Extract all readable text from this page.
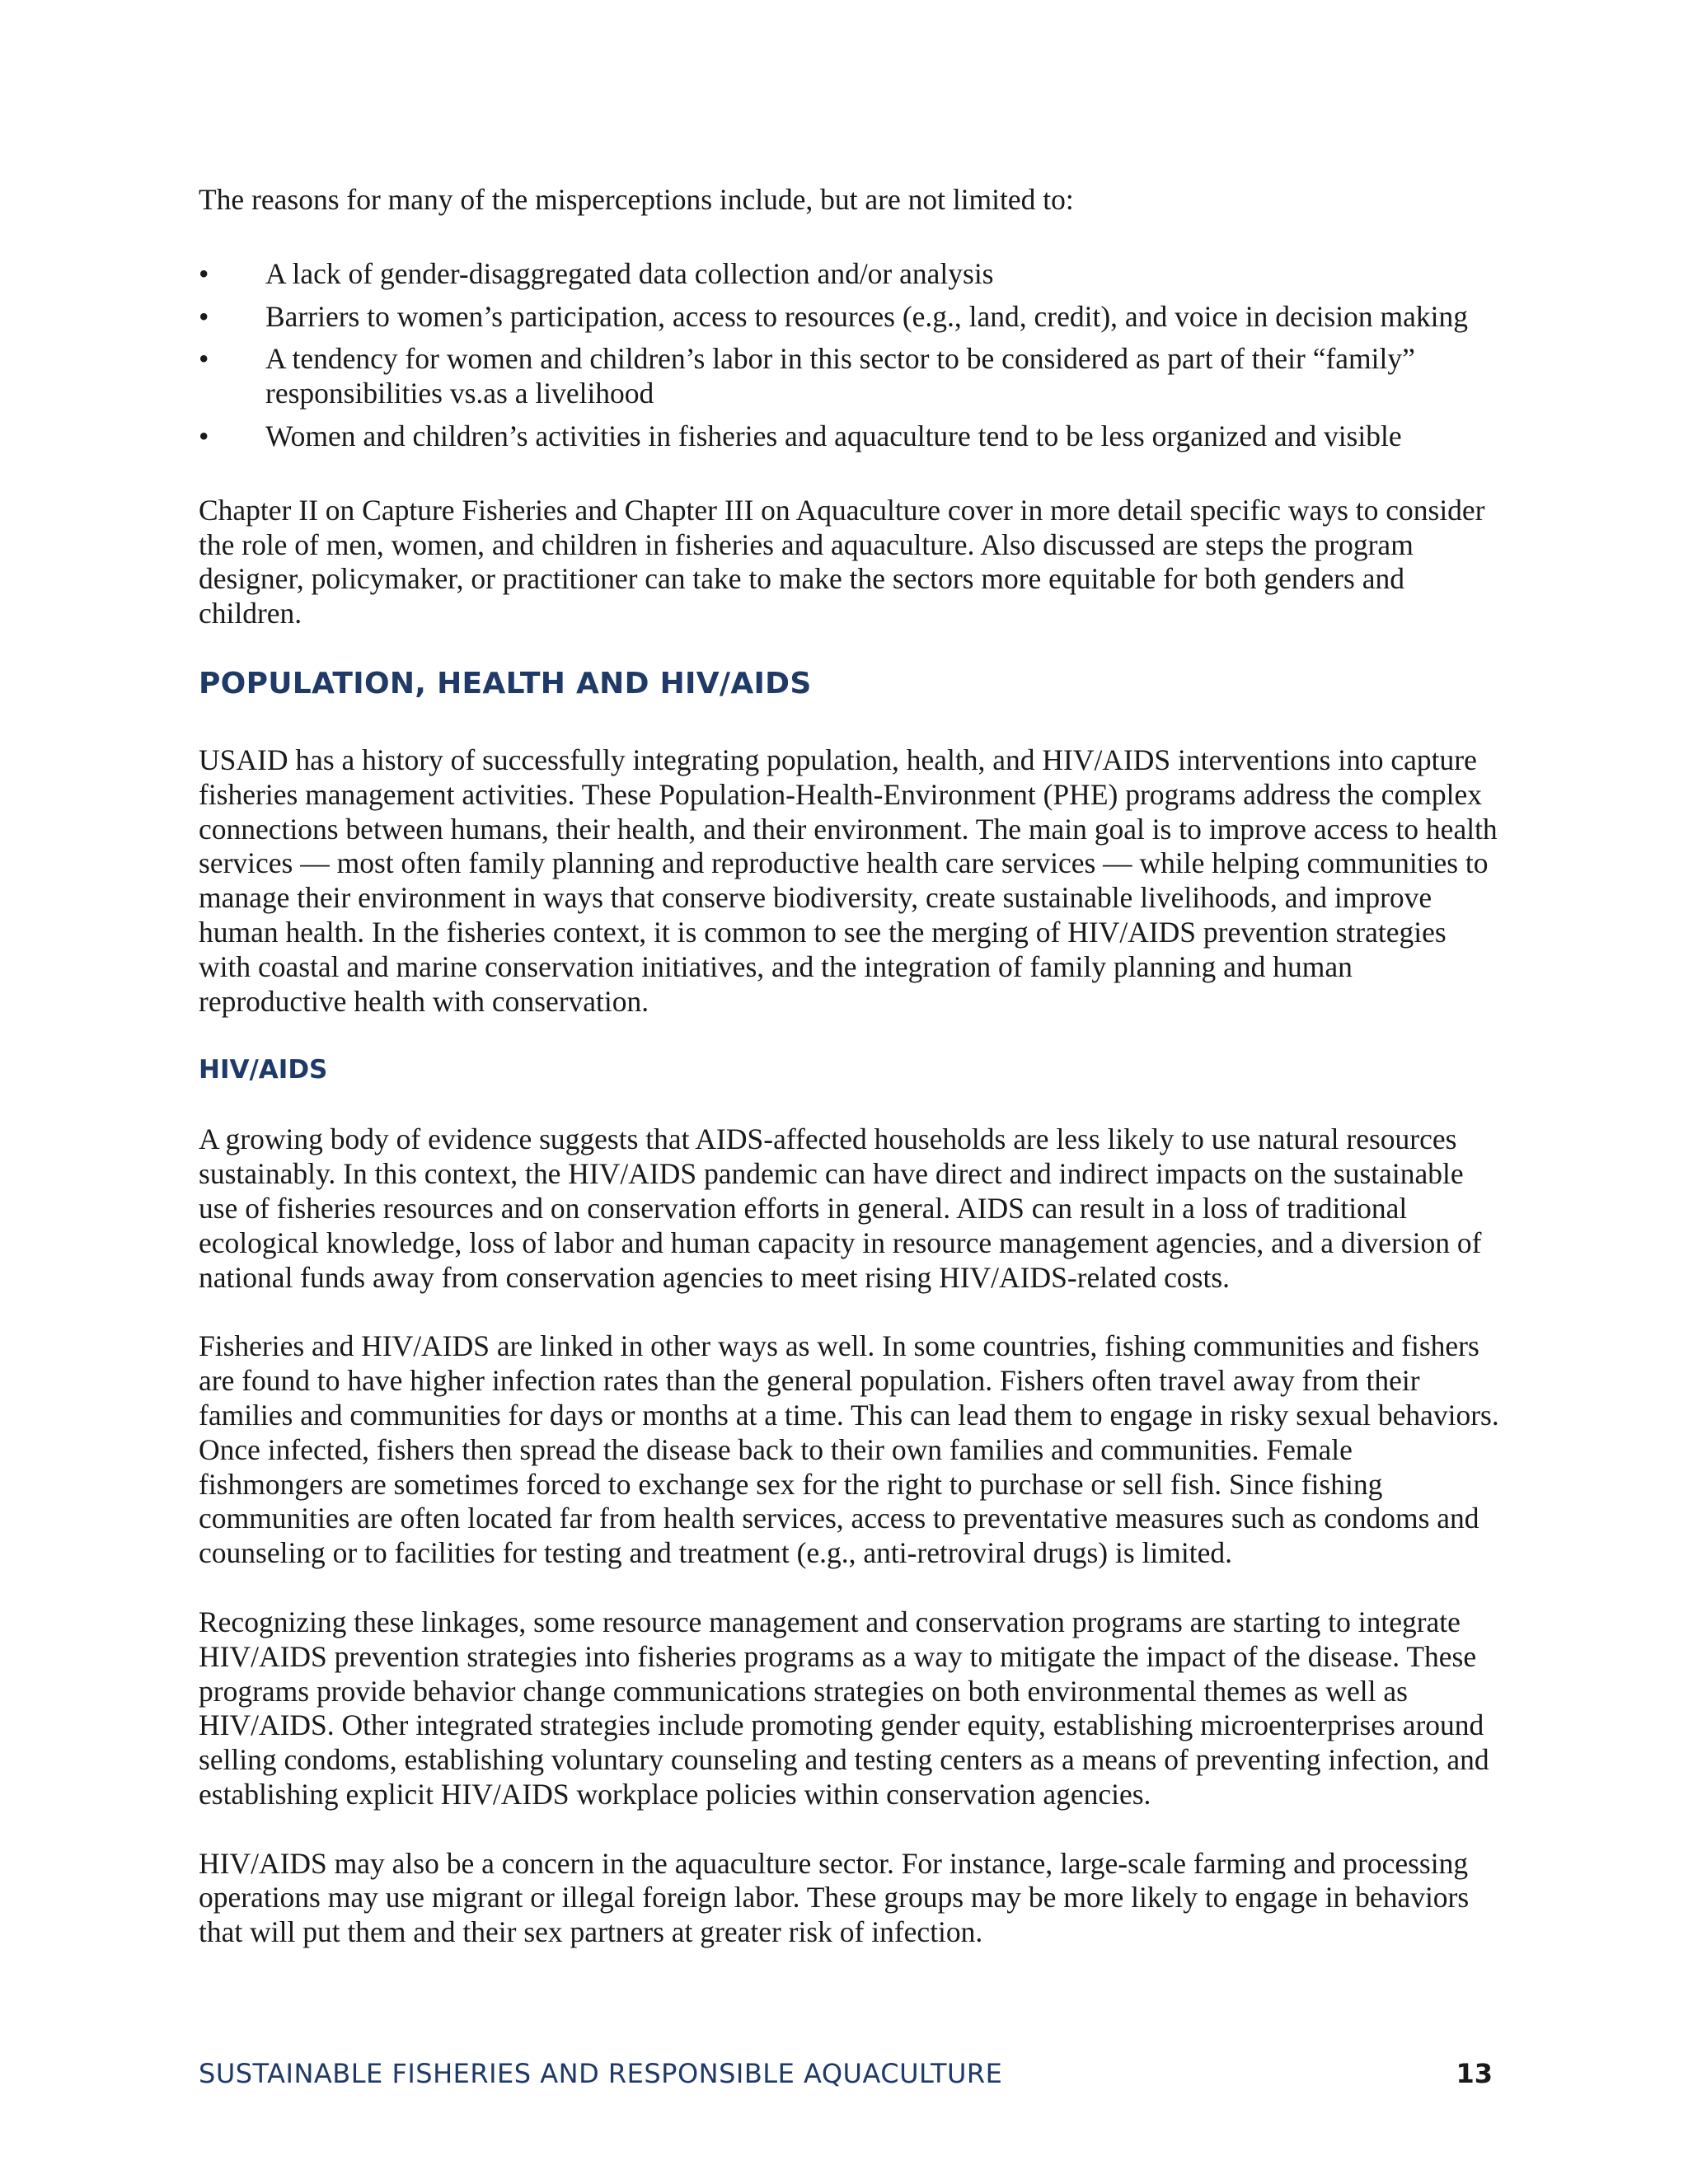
The reasons for many of the misperceptions include, but are not limited to:

•	A lack of gender-disaggregated data collection and/or analysis
•	Barriers to women’s participation, access to resources (e.g., land, credit), and voice in decision making
•	A tendency for women and children’s labor in this sector to be considered as part of their “family” responsibilities vs.as a livelihood
•	Women and children’s activities in fisheries and aquaculture tend to be less organized and visible

Chapter II on Capture Fisheries and Chapter III on Aquaculture cover in more detail specific ways to consider the role of men, women, and children in fisheries and aquaculture. Also discussed are steps the program designer, policymaker, or practitioner can take to make the sectors more equitable for both genders and children.

POPULATION, HEALTH AND HIV/AIDS

USAID has a history of successfully integrating population, health, and HIV/AIDS interventions into capture fisheries management activities. These Population-Health-Environment (PHE) programs address the complex connections between humans, their health, and their environment. The main goal is to improve access to health services — most often family planning and reproductive health care services — while helping communities to manage their environment in ways that conserve biodiversity, create sustainable livelihoods, and improve human health. In the fisheries context, it is common to see the merging of HIV/AIDS prevention strategies with coastal and marine conservation initiatives, and the integration of family planning and human reproductive health with conservation.

HIV/AIDS

A growing body of evidence suggests that AIDS-affected households are less likely to use natural resources sustainably. In this context, the HIV/AIDS pandemic can have direct and indirect impacts on the sustainable use of fisheries resources and on conservation efforts in general. AIDS can result in a loss of traditional ecological knowledge, loss of labor and human capacity in resource management agencies, and a diversion of national funds away from conservation agencies to meet rising HIV/AIDS-related costs.

Fisheries and HIV/AIDS are linked in other ways as well. In some countries, fishing communities and fishers are found to have higher infection rates than the general population. Fishers often travel away from their families and communities for days or months at a time. This can lead them to engage in risky sexual behaviors. Once infected, fishers then spread the disease back to their own families and communities. Female fishmongers are sometimes forced to exchange sex for the right to purchase or sell fish. Since fishing communities are often located far from health services, access to preventative measures such as condoms and counseling or to facilities for testing and treatment (e.g., anti-retroviral drugs) is limited.

Recognizing these linkages, some resource management and conservation programs are starting to integrate HIV/AIDS prevention strategies into fisheries programs as a way to mitigate the impact of the disease. These programs provide behavior change communications strategies on both environmental themes as well as HIV/AIDS. Other integrated strategies include promoting gender equity, establishing microenterprises around selling condoms, establishing voluntary counseling and testing centers as a means of preventing infection, and establishing explicit HIV/AIDS workplace policies within conservation agencies.

HIV/AIDS may also be a concern in the aquaculture sector. For instance, large-scale farming and processing operations may use migrant or illegal foreign labor. These groups may be more likely to engage in behaviors that will put them and their sex partners at greater risk of infection.

SUSTAINABLE FISHERIES AND RESPONSIBLE AQUACULTURE	13
